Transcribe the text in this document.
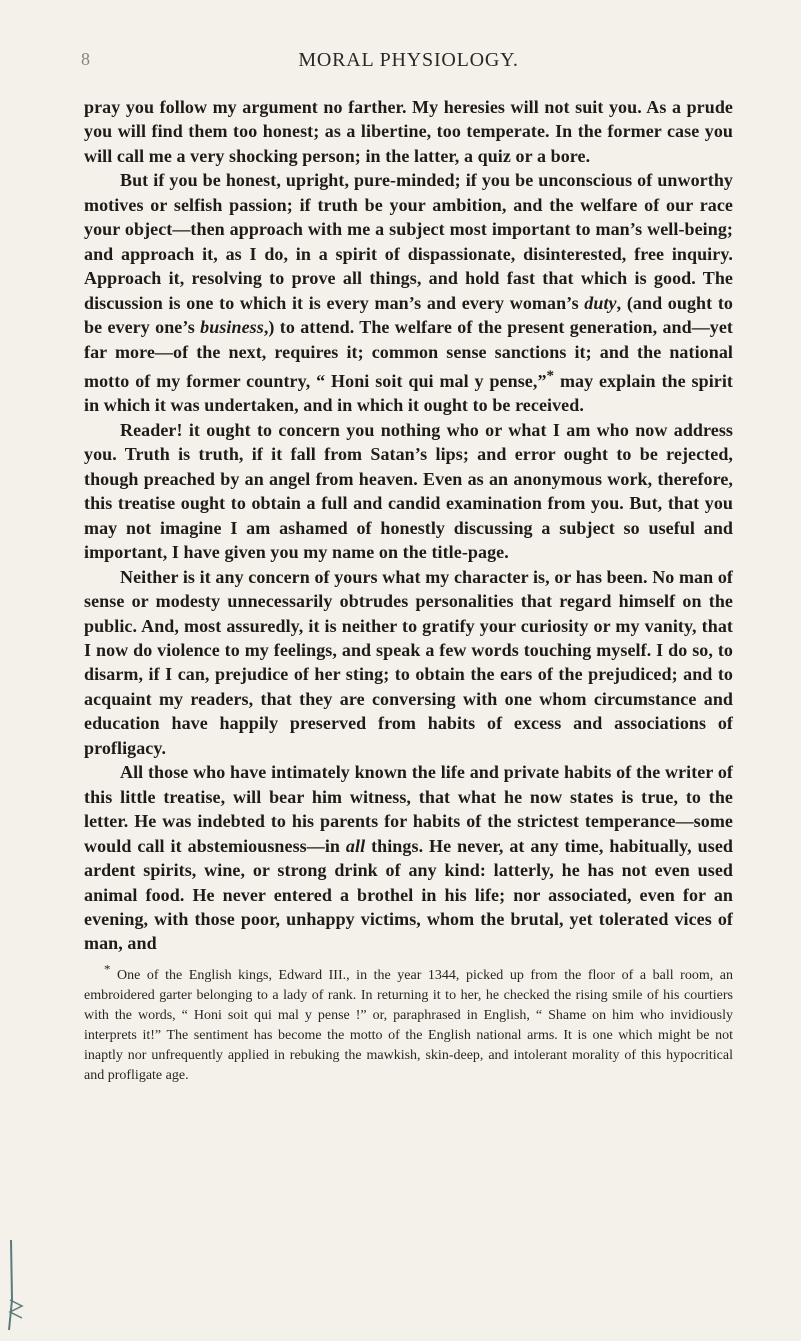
8	MORAL PHYSIOLOGY.

pray you follow my argument no farther. My heresies will not suit you. As a prude you will find them too honest; as a libertine, too temperate. In the former case you will call me a very shocking person; in the latter, a quiz or a bore.

But if you be honest, upright, pure-minded; if you be unconscious of unworthy motives or selfish passion; if truth be your ambition, and the welfare of our race your object—then approach with me a subject most important to man’s well-being; and approach it, as I do, in a spirit of dispassionate, disinterested, free inquiry. Approach it, resolving to prove all things, and hold fast that which is good. The discussion is one to which it is every man’s and every woman’s duty, (and ought to be every one’s business,) to attend. The welfare of the present generation, and—yet far more—of the next, requires it; common sense sanctions it; and the national motto of my former country, “ Honi soit qui mal y pense,”* may explain the spirit in which it was undertaken, and in which it ought to be received.

Reader! it ought to concern you nothing who or what I am who now address you. Truth is truth, if it fall from Satan’s lips; and error ought to be rejected, though preached by an angel from heaven. Even as an anonymous work, therefore, this treatise ought to obtain a full and candid examination from you. But, that you may not imagine I am ashamed of honestly discussing a subject so useful and important, I have given you my name on the title-page.

Neither is it any concern of yours what my character is, or has been. No man of sense or modesty unnecessarily obtrudes personalities that regard himself on the public. And, most assuredly, it is neither to gratify your curiosity or my vanity, that I now do violence to my feelings, and speak a few words touching myself. I do so, to disarm, if I can, prejudice of her sting; to obtain the ears of the prejudiced; and to acquaint my readers, that they are conversing with one whom circumstance and education have happily preserved from habits of excess and associations of profligacy.

All those who have intimately known the life and private habits of the writer of this little treatise, will bear him witness, that what he now states is true, to the letter. He was indebted to his parents for habits of the strictest temperance—some would call it abstemiousness—in all things. He never, at any time, habitually, used ardent spirits, wine, or strong drink of any kind: latterly, he has not even used animal food. He never entered a brothel in his life; nor associated, even for an evening, with those poor, unhappy victims, whom the brutal, yet tolerated vices of man, and

* One of the English kings, Edward III., in the year 1344, picked up from the floor of a ball room, an embroidered garter belonging to a lady of rank. In returning it to her, he checked the rising smile of his courtiers with the words, “ Honi soit qui mal y pense !” or, paraphrased in English, “ Shame on him who invidiously interprets it!” The sentiment has become the motto of the English national arms. It is one which might be not inaptly nor unfrequently applied in rebuking the mawkish, skin-deep, and intolerant morality of this hypocritical and profligate age.
